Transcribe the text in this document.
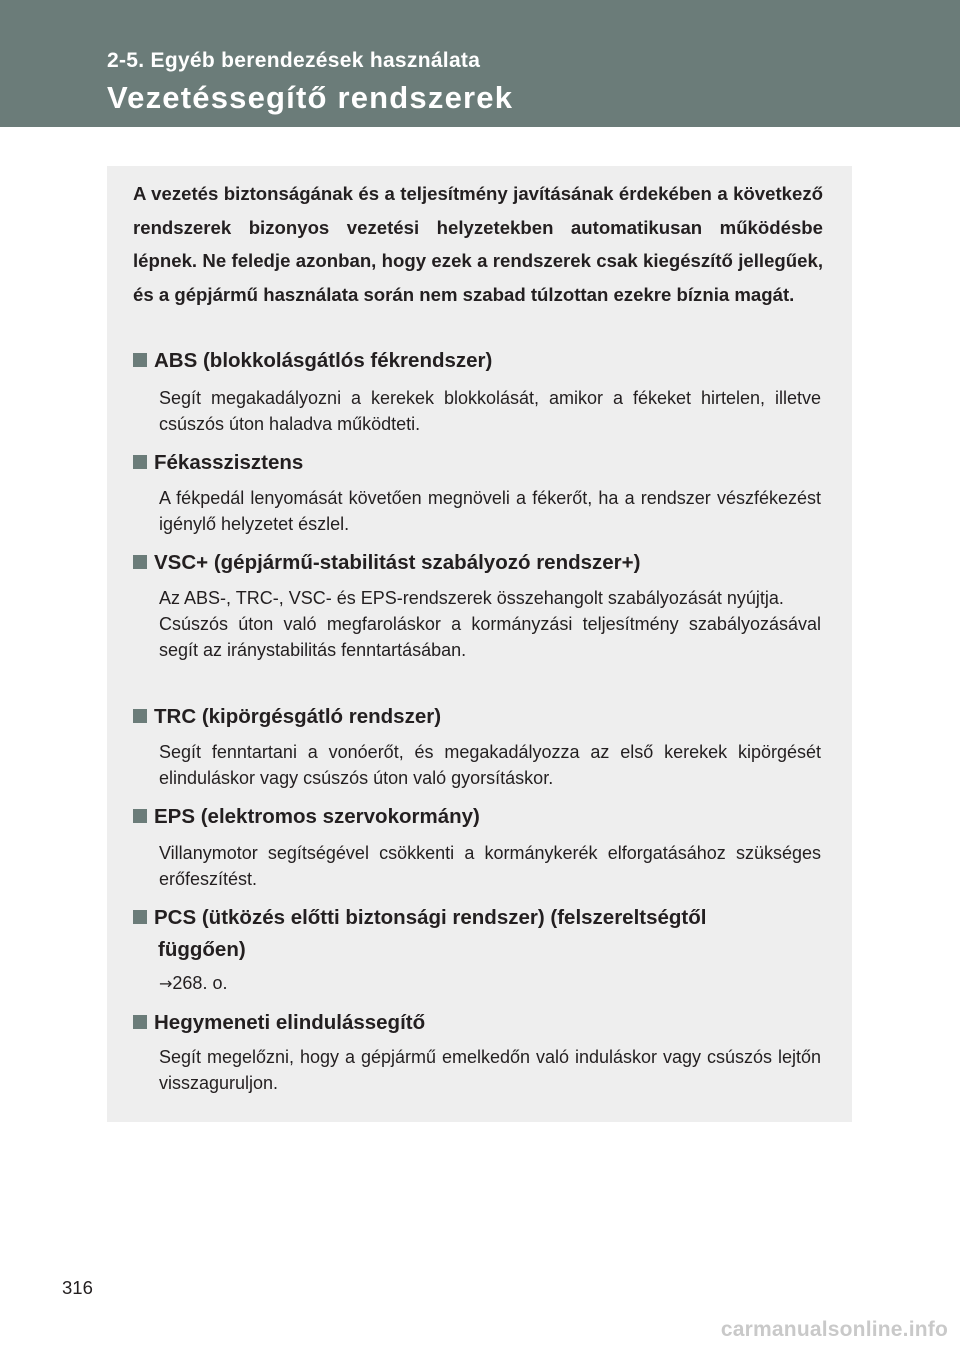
2-5. Egyéb berendezések használata
Vezetéssegítő rendszerek
A vezetés biztonságának és a teljesítmény javításának érdekében a következő rendszerek bizonyos vezetési helyzetekben automatikusan működésbe lépnek. Ne feledje azonban, hogy ezek a rendszerek csak kiegészítő jellegűek, és a gépjármű használata során nem szabad túlzottan ezekre bíznia magát.
ABS (blokkolásgátlós fékrendszer)

Segít megakadályozni a kerekek blokkolását, amikor a fékeket hirtelen, illetve csúszós úton haladva működteti.

Fékasszisztens

A fékpedál lenyomását követően megnöveli a fékerőt, ha a rendszer vészfékezést igénylő helyzetet észlel.

VSC+ (gépjármű-stabilitást szabályozó rendszer+)

Az ABS-, TRC-, VSC- és EPS-rendszerek összehangolt szabályozását nyújtja.

Csúszós úton való megfaroláskor a kormányzási teljesítmény szabályozásával segít az iránystabilitás fenntartásában.

TRC (kipörgésgátló rendszer)

Segít fenntartani a vonóerőt, és megakadályozza az első kerekek kipörgését elinduláskor vagy csúszós úton való gyorsításkor.

EPS (elektromos szervokormány)

Villanymotor segítségével csökkenti a kormánykerék elforgatásához szükséges erőfeszítést.

PCS (ütközés előtti biztonsági rendszer) (felszereltségtől
függően)

→268. o.

Hegymeneti elindulássegítő

Segít megelőzni, hogy a gépjármű emelkedőn való induláskor vagy csúszós lejtőn visszaguruljon.

316
carmanualsonline.info
